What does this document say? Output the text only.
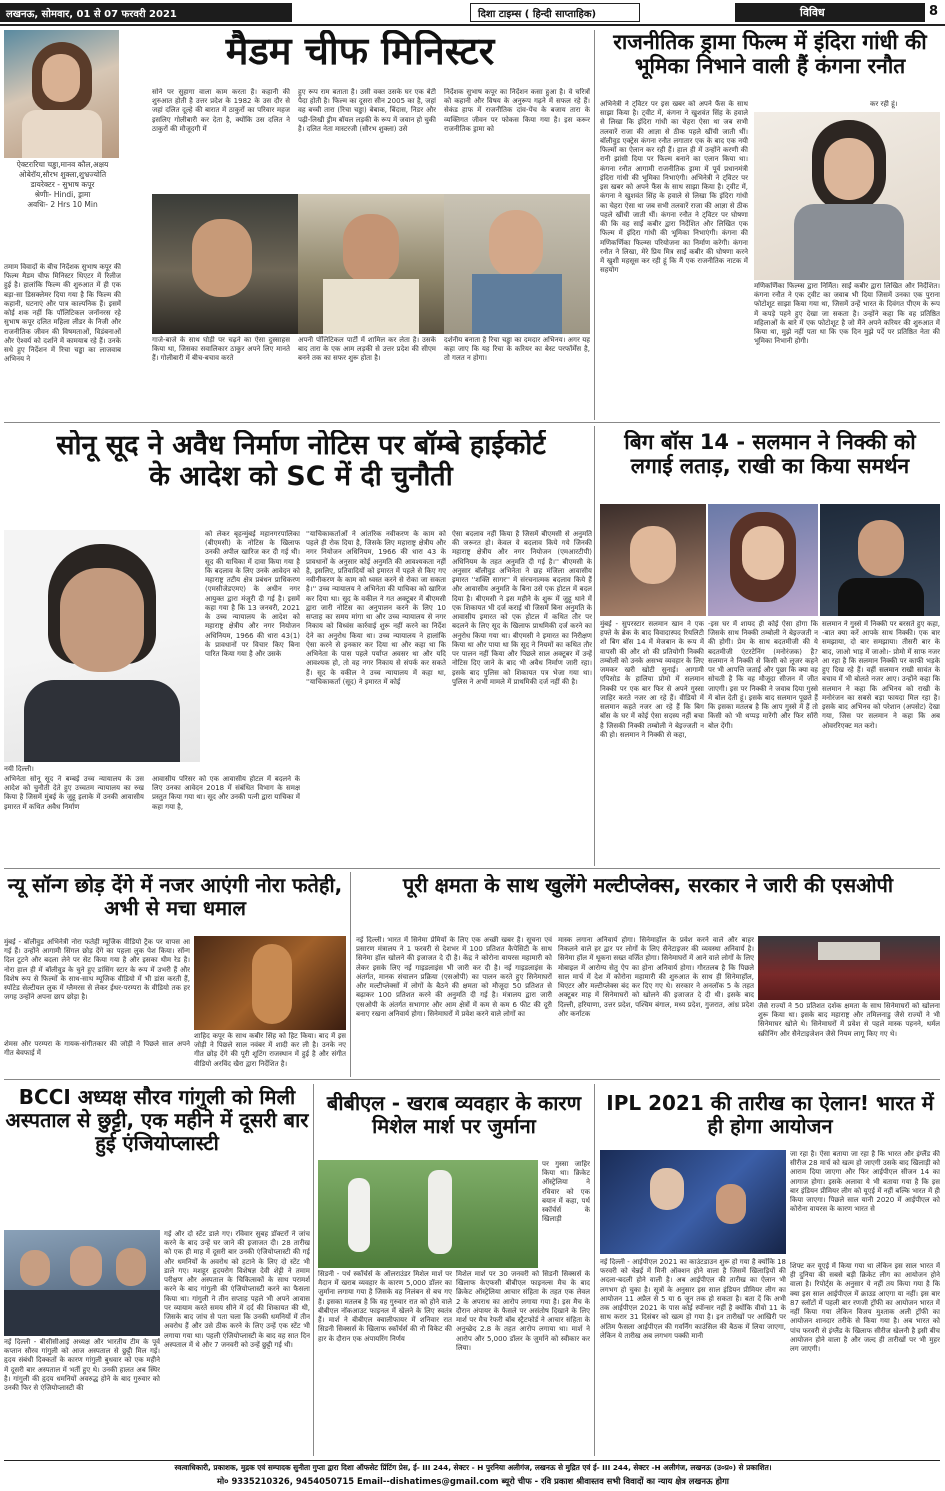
लखनऊ, सोमवार, 01 से 07 फरवरी 2021	दिशा टाइम्स ( हिन्दी साप्ताहिक)	विविध	8
ऐक्टरःरिचा चड्ढा,मानव कौल,अक्षय ओबेरॉय,सौरभ शुक्ला,शुभ्रज्योति
डायरेक्टर - सुभाष कपूर
श्रेणीः- Hindi, ड्रामा
अवधिः- 2 Hrs 10 Min
तमाम विवादों के बीच निर्देशक सुभाष कपूर की फिल्म मैडम चीफ मिनिस्टर थिएटर में रिलीज हुई है। हालांकि फिल्म की शुरुआत में ही एक बड़ा-सा डिसक्लेमर दिया गया है कि फिल्म की कहानी, घटनाएं और पात्र काल्पनिक हैं। इसमें कोई शक नहीं कि पॉलिटिकल जनॉनरस रहे सुभाष कपूर दलित महिला लीडर के निजी और राजनीतिक जीवन की विषमताओं, विडंबनाओं और ऐश्वर्य को दर्शाने में कामयाब रहे हैं। उनके सधे हुए निर्देशन में रिचा चड्ढा का लाजवाब अभिनय ने
मैडम चीफ मिनिस्टर
सोने पर सुहागा वाला काम करता है। कहानी की शुरुआत होती है उत्तर प्रदेश के 1982 के उस दौर से जहां दलित दूल्हे की बारात में ठाकुरों का परिवार महज इसलिए गोलीबारी कर देता है, क्योंकि उस दलित ने ठाकुरों की मौजूदगी में
हुए रूप राम बताता है। उसी वक्त उसके घर एक बेटी पैदा होती है। फिल्म का दूसरा सीन 2005 का है, जहां वह बच्ची तारा (रिचा चड्ढा) बेबाक, बिंदास, निडर और पढ़ी-लिखी ड्रीम बॉयल लड़की के रूप में जवान हो चुकी है। दलित नेता मास्टरजी (सौरभ शुक्ला) उसे
निर्देशक सुभाष कपूर का निर्देशन कसा हुआ है। वे चरित्रों को कहानी और विषय के अनुरूप गढ़ने में सफल रहे हैं। सेकंड हाफ में राजनीतिक दांव-पेंच के बजाय तारा के व्यक्तिगत जीवन पर फोकस किया गया है। इस करूर राजनीतिक ड्रामा को
गाजे-बाजे के साथ घोड़ी पर चढ़ने का ऐसा दुस्साहस किया था, जिसका सवालिकार ठाकुर अपने लिए मानते हैं। गोलीबारी में बीच-बचाव करते
अपनी पॉलिटिकल पार्टी में शामिल कर लेता है। उसके बाद तारा के एक आम लड़की से उत्तर प्रदेश की सीएम बनने तक का सफर शुरू होता है।
दर्शनीय बनाता है रिचा चड्ढा का दमदार अभिनय। अगर यह कहा जाए कि यह रिचा के करियर का बेस्ट परफॉर्मेंस है, तो गलत न होगा।
राजनीतिक ड्रामा फिल्म में इंदिरा गांधी की भूमिका निभाने वाली हैं कंगना रनौत
अभिनेत्री ने ट्विटर पर इस खबर को अपने फैंस के साथ साझा किया है। ट्वीट में, कंगना ने खुशवंत सिंह के हवाले से लिखा कि इंदिरा गांधी का चेहरा ऐसा था जब सभी तलवारें राजा की आज्ञा से ठीक पहले खींची जाती थीं। बॉलीवुड एक्ट्रेस कंगना रनौत लगातार एक के बाद एक नयी फिल्मों का ऐलान कर रही हैं। हाल ही में उन्होंने करणी की रानी झांसी दिया पर फिल्म बनाने का एलान किया था। कंगना रनौत आगामी राजनीतिक ड्रामा में पूर्व प्रधानमंत्री इंदिरा गांधी की भूमिका निभाएंगी। अभिनेत्री ने ट्विटर पर इस खबर को अपने फैंस के साथ साझा किया है। ट्वीट में, कंगना ने खुशवंत सिंह के हवाले से लिखा कि इंदिरा गांधी का चेहरा ऐसा था जब सभी तलवारें राजा की आज्ञा से ठीक पहले खींची जाती थीं। कंगना रनौत ने ट्विटर पर घोषणा की कि वह साईं कबीर द्वारा निर्देशित और लिखित एक फिल्म में इंदिरा गांधी की भूमिका निभाएंगी। कंगना की मणिकर्णिका फिल्म्स परियोजना का निर्माण करेगी। कंगना रनौत ने लिखा, मेरे प्रिय मित्र साईं कबीर की घोषणा करने में खुशी महसूस कर रही हूं कि मैं एक राजनीतिक नाटक में सहयोग
कर रही हूं।
मणिकर्णिका फिल्म्स द्वारा निर्मित। साईं कबीर द्वारा लिखित और निर्देशित। कंगना रनौत ने एक ट्वीट का जवाब भी दिया जिसमें उनका एक पुराना फोटोशूट साझा किया गया था, जिसमें उन्हें भारत के दिवंगत पीएम के रूप में कपड़े पहने हुए देखा जा सकता है। उन्होंने कहा कि वह प्रतिष्ठित महिलाओं के बारे में एक फोटोशूट है जो मैंने अपने करियर की शुरुआत में किया था, मुझे नहीं पता था कि एक दिन मुझे पर्दे पर प्रतिष्ठित नेता की भूमिका निभानी होगी।
सोनू सूद ने अवैध निर्माण नोटिस पर बॉम्बे हाईकोर्ट के आदेश को SC में दी चुनौती
को लेकर बृहन्मुंबई महानगरपालिका (बीएमसी) के नोटिस के खिलाफ उनकी अपील खारिज कर दी गई थी। सूद की याचिका में दावा किया गया है कि बदलाव के लिए उनके आवेदन को महाराष्ट्र तटीय क्षेत्र प्रबंधन प्राधिकरण (एमसीजेडएमए) के अधीन नगर आयुक्त द्वारा मंजूरी दी गई है। इसमें कहा गया है कि 13 जनवरी, 2021 के उच्च न्यायालय के आदेश को महाराष्ट्र क्षेत्रीय और नगर नियोजन अधिनियम, 1966 की धारा 43(1) के प्रावधानों पर विचार किए बिना पारित किया गया है और उसके
नयी दिल्ली।
अभिनेता सोनू सूद ने बम्बई उच्च न्यायालय के उस आदेश को चुनौती देते हुए उच्चतम न्यायालय का रुख किया है जिसमें मुंबई के जुहू इलाके में उनकी आवासीय इमारत में कथित अवैध निर्माण
आवासीय परिसर को एक आवासीय होटल में बदलने के लिए उनका आवेदन 2018 में संबंधित विभाग के समक्ष प्रस्तुत किया गया था। सूद और उनकी पत्नी द्वारा याचिका में कहा गया है,
''याचिकाकर्ताओं ने आंतरिक नवीकरण के काम को पहले ही रोक दिया है, जिसके लिए महाराष्ट्र क्षेत्रीय और नगर नियोजन अधिनियम, 1966 की धारा 43 के प्रावधानों के अनुसार कोई अनुमति की आवश्यकता नहीं है, इसलिए, प्रतिवादियों को इमारत में पहले से किए गए नवीनीकरण के काम को ध्वस्त करने से रोका जा सकता है।'' उच्च न्यायालय ने अभिनेता की याचिका को खारिज कर दिया था। सूद के वकील ने गत अक्टूबर में बीएमसी द्वारा जारी नोटिस का अनुपालन करने के लिए 10 सप्ताह का समय मांगा था और उच्च न्यायालय से नगर निकाय को विध्वंस कार्रवाई शुरू नहीं करने का निर्देश देने का अनुरोध किया था। उच्च न्यायालय ने हालांकि ऐसा करने से इनकार कर दिया था और कहा था कि अभिनेता के पास पहले पर्याप्त अवसर था और यदि आवश्यक हो, तो वह नगर निकाय से संपर्क कर सकते हैं। सूद के वकील ने उच्च न्यायालय में कहा था, ''याचिकाकर्ता (सूद) ने इमारत में कोई
ऐसा बदलाव नहीं किया है जिसमें बीएमसी से अनुमति की जरूरत हो। केवल वे बदलाव किये गये जिनकी महाराष्ट्र क्षेत्रीय और नगर नियोजन (एमआरटीपी) अधिनियम के तहत अनुमति दी गई है।'' बीएमसी के अनुसार बॉलीवुड अभिनेता ने छह मंजिला आवासीय इमारत ''शक्ति सागर'' में संरचनात्मक बदलाव किये हैं और आवासीय अनुमति के बिना उसे एक होटल में बदल दिया है। बीएमसी ने इस महीने के शुरू में जुहू थाने में एक शिकायत भी दर्ज कराई थी जिसमें बिना अनुमति के आवासीय इमारत को एक होटल में कथित तौर पर बदलने के लिए सूद के खिलाफ प्राथमिकी दर्ज करने का अनुरोध किया गया था। बीएमसी ने इमारत का निरीक्षण किया था और पाया था कि सूद ने नियमों का कथित तौर पर पालन नहीं किया और पिछले साल अक्टूबर में उन्हें नोटिस दिए जाने के बाद भी अवैध निर्माण जारी रहा। इसके बाद पुलिस को शिकायत पत्र भेजा गया था। पुलिस ने अभी मामले में प्राथमिकी दर्ज नहीं की है।
बिग बॉस 14 - सलमान ने निक्की को लगाई लताड़, राखी का किया समर्थन
मुंबई - सुपरस्टार सलमान खान ने एक हफ्ते के ब्रेक के बाद विवादास्पद रियलिटी शो बिग बॉस 14 में मेजबान के रूप में वापसी की और शो की प्रतियोगी निक्की तम्बोली को उनके असभ्य व्यवहार के लिए जमकर खरी खोटी सुनाई। आगामी एपिसोड के हालिया प्रोमो में सलमान निक्की पर एक बार फिर से अपने गुस्सा जाहिर करते नजर आ रहे हैं। वीडियो में सलमान कहते नजर आ रहे हैं कि बिग बॉस के घर में कोई ऐसा सदस्य नहीं बचा है जिसकी निक्की तम्बोली ने बेइज्जती न की हो। सलमान ने निक्की से कहा,
-इस घर में शायद ही कोई ऐसा होगा कि जिसके साथ निक्की तम्बोली ने बेइज्जती न की होगी। प्रेम के साथ बदतमीजी की ये बदतमीजी एंटरटेनिंग (मनोरंजक) है? सलमान ने निक्की से किसी को लूजर कहने पर भी आपत्ति जताई और पूछा कि क्या वह सोचती है कि वह मौजूदा सीजन में जीत जाएगी। इस पर निक्की ने जवाब दिया गुस्से में बोल देती हूं। इसके बाद सलमान पूछते हैं कि इसका मतलब है कि आप गुस्से में हैं तो किसी को भी थप्पड़ मारेंगी और फिर सॉरी बोल देंगी।
सलमान ने गुस्से में निक्की पर बरसते हुए कहा, -बात क्या करें आपके साथ निक्की। एक बार समझाया, दो बार समझाया। तीसरी बार के बाद, जाओ भाड़ में जाओ।- प्रोमो में साफ नजर आ रहा है कि सलमान निक्की पर काफी भड़के हुए दिख रहे हैं। वहीं सलमान राखी सावंत के बचाव में भी बोलते नजर आए। उन्होंने कहा कि सलमान ने कहा कि अभिनव को राखी के मनोरंजन का सबसे बड़ा फायदा मिल रहा है। इसके बाद अभिनव को परेशान (अपसेट) देखा गया, जिस पर सलमान ने कहा कि अब ओवररिएक्ट मत करो।
न्यू सॉन्ग छोड़ देंगे में नजर आएंगी नोरा फतेही, अभी से मचा धमाल
मुंबई - बॉलीवुड अभिनेत्री नोरा फतेही म्यूजिक वीडियो ट्रैक पर वापस आ गई हैं। उन्होंने आगामी सिंगल छोड़ देंगे का पहला लुक पेश किया। सॉन्ग दिल टूटने और बदला लेने पर सेट किया गया है और इसका थीम रेड है। नोरा हाल ही में बॉलीवुड के चुने हुए डांसिंग स्टार के रूप में उभरी हैं और विशेष रूप से फिल्मों के साथ-साथ म्यूजिक वीडियो में भी डांस करती हैं, स्पॉटेड सेल्टीयल लुक में ग्लैमरस से लेकर ईथर-परम्परा के वीडियो तक हर जगह उन्होंने अपना छाप छोड़ा है।
शेमस और परम्परा के गायक-संगीतकार की जोड़ी ने पिछले साल अपने गीत बेवफाई में
शाहिद कपूर के साथ कबीर सिंह को हिट किया। बाद में इस जोड़ी ने पिछले साल नवंबर में शादी कर ली है। उनके नए गीत छोड़ देंगे की पूरी शूटिंग राजस्थान में हुई है और संगीत वीडियो अरविंद खैरा द्वारा निर्देशित है।
पूरी क्षमता के साथ खुलेंगे मल्टीप्लेक्स, सरकार ने जारी की एसओपी
नई दिल्ली। भारत में सिनेमा प्रेमियों के लिए एक अच्छी खबर है। सूचना एवं प्रसारण मंत्रालय ने 1 फरवरी से देशभर में 100 प्रतिशत कैपेसिटी के साथ सिनेमा हॉल खोलने की इजाजत दे दी है। केंद्र ने कोरोना वायरस महामारी को लेकर इसके लिए नई गाइडलाइंस भी जारी कर दी है। नई गाइडलाइंस के अंतर्गत, मानक संचालन प्रक्रिया (एसओपी) का पालन करते हुए सिनेमाघरों और मल्टीप्लेक्सों में लोगों के बैठने की क्षमता को मौजूदा 50 प्रतिशत से बढ़ाकर 100 प्रतिशत करने की अनुमति दी गई है। मंत्रालय द्वारा जारी एसओपी के अंतर्गत सभागार और आम क्षेत्रों में कम से कम 6 फीट की दूरी बनाए रखना अनिवार्य होगा। सिनेमाघरों में प्रवेश करने वाले लोगों का
मास्क लगाना अनिवार्य होगा। सिनेमाहॉल के प्रवेश करने वाले और बाहर निकलने वाले हर द्वार पर लोगों के लिए सैनेटाइजर की व्यवस्था अनिवार्य है। सिनेमा हॉल में थूकना सख्त वर्जित होगा। सिनेमाघरों में आने वाले लोगों के लिए मोबाइल में आरोग्य सेतु ऐप का होना अनिवार्य होगा। गौरतलब है कि पिछले साल मार्च में देश में कोरोना महामारी की शुरुआत के साथ ही सिनेमाहॉल, थिएटर और मल्टीप्लेक्स बंद कर दिए गए थे। सरकार ने अनलॉक 5 के तहत अक्टूबर माह में सिनेमाघरों को खोलने की इजाजत दे दी थी। इसके बाद दिल्ली, हरियाणा, उत्तर प्रदेश, पश्चिम बंगाल, मध्य प्रदेश, गुजरात, आंध्र प्रदेश और कर्नाटक
जैसे राज्यों ने 50 प्रतिशत दर्शक क्षमता के साथ सिनेमाघरों को खोलना शुरू किया था। इसके बाद महाराष्ट्र और तमिलनाडु जैसे राज्यों ने भी सिनेमाघर खोले थे। सिनेमाघरों में प्रवेश से पहले मास्क पहनने, थर्मल स्क्रीनिंग और सैनेटाइजेशन जैसे नियम लागू किए गए थे।
BCCI अध्यक्ष सौरव गांगुली को मिली अस्पताल से छुट्टी, एक महीने में दूसरी बार हुई एंजियोप्लास्टी
नई दिल्ली - बीसीसीआई अध्यक्ष और भारतीय टीम के पूर्व कप्तान सौरव गांगुली को आज अस्पताल से छुट्टी मिल गई। हृदय संबंधी दिक्कतों के कारण गांगुली बुधवार को एक महीने में दूसरी बार अस्पताल में भर्ती हुए थे। उनकी हालत अब स्थिर है। गांगुली की हृदय धमनियों अवरुद्ध होने के बाद गुरुवार को उनकी फिर से एंजियोप्लास्टी की
गई और दो स्टेंट डाले गए। रविवार सुबह डॉक्टरों ने जांच करने के बाद उन्हें घर जाने की इजाजत दी। 28 तारीख को एक ही माह में दूसरी बार उनकी एंजियोप्लास्टी की गई और धमनियों के अवरोध को हटाने के लिए दो स्टेंट भी डाले गए। मशहूर हृदयरोग विशेषज्ञ देवी शेट्टी ने तमाम परीक्षण और अस्पताल के चिकित्सकों के साथ परामर्श करने के बाद गांगुली की एंजियोप्लास्टी करने का फैसला किया था। गांगुली ने तीन सप्ताह पहले भी अपने आवास पर व्यायाम करते समय सीने में दर्द की शिकायत की थी, जिसके बाद जांच से पता चला कि उनकी धमनियों में तीन अवरोध हैं और उसे ठीक करने के लिए उन्हें एक स्टेंट भी लगाया गया था। पहली एंजियोप्लास्टी के बाद वह सात दिन अस्पताल में थे और 7 जनवरी को उन्हें छुट्टी गई थी।
बीबीएल - खराब व्यवहार के कारण मिशेल मार्श पर जुर्माना
पर गुस्सा जाहिर किया था। क्रिकेट ऑस्ट्रेलिया ने रविवार को एक बयान में कहा, पर्थ स्कॉर्चर्स के खिलाड़ी
सिडनी - पर्थ स्कॉर्चर्स के ऑलराउंडर मिशेल मार्श पर मैदान में खराब व्यवहार के कारण 5,000 डॉलर का जुर्माना लगाया गया है जिसके वह निलंबन से बच गए हैं। इसका मतलब है कि वह गुरुवार रात को होने वाले बीबीएल नॉकआउट फाइनल में खेलने के लिए स्वतंत्र हैं। मार्श ने बीबीएल क्वालीफायर में शनिवार रात सिडनी सिक्सर्स के खिलाफ स्कॉर्चर्स की नौ विकेट की हार के दौरान एक अंपायरिंग निर्णय
मिशेल मार्श पर 30 जनवरी को सिडनी सिक्सर्स के खिलाफ केएफसी बीबीएल फाइनल्स मैच के बाद क्रिकेट ऑस्ट्रेलिया आचार संहिता के तहत एक लेवल 2 के अपराध का आरोप लगाया गया है। इस मैच के दौरान अंपायर के फैसले पर असंतोष दिखाने के लिए मार्श पर मैच रेफरी बॉब स्ट्रैटफोर्ड ने आचार संहिता के अनुच्छेद 2.8 के तहत आरोप लगाया था। मार्श ने आरोप और 5,000 डॉलर के जुर्माने को स्वीकार कर लिया।
IPL 2021 की तारीख का ऐलान! भारत में ही होगा आयोजन
जा रहा है। ऐसा बताया जा रहा है कि भारत और इंग्लैंड की सीरीज 28 मार्च को खत्म हो जाएगी उसके बाद खिलाड़ी को आराम दिया जाएगा और फिर आईपीएल सीजन 14 का आगाज होगा। इसके अलावा ये भी बताया गया है कि इस बार इंडियन प्रीमियर लीग को यूएई में नहीं बल्कि भारत में ही किया जाएगा। पिछले साल यानी 2020 में आईपीएल को कोरोना वायरस के कारण भारत से
नई दिल्ली - आईपीएल 2021 का काउंटडाउन शुरू हो गया है क्योंकि 18 फरवरी को चेन्नई में मिनी ऑक्शन होने वाला है जिसमें खिलाड़ियों की अदला-बदली होने वाली है। अब आईपीएल की तारीख का ऐलान भी लगभग हो चुका है। सूत्रों के अनुसार इस साल इंडियन प्रीमियर लीग का आयोजन 11 अप्रैल से 5 या 6 जून तक हो सकता है। बता दें कि अभी तक आईपीएल 2021 के पास कोई स्पॉन्सर नहीं है क्योंकि वीवो 11 के साथ करार 31 दिसंबर को खत्म हो गया है। इन तारीखों पर आखिरी पर अंतिम फैसला आईपीएल की गवर्निंग काउंसिल की बैठक में लिया जाएगा, लेकिन ये तारीख अब लगभग पक्की मानी
शिफ्ट कर यूएई में किया गया था लेकिन इस साल भारत में ही दुनिया की सबसे बड़ी क्रिकेट लीग का आयोजन होने वाला है। रिपोर्ट्स के अनुसार ये नहीं तय किया गया है कि क्या इस साल आईपीएल में क्राउड आएगा या नहीं। इस बार 87 स्लॉटों में पहली बार रणजी ट्रॉफी का आयोजन भारत में नहीं किया गया लेकिन विजय मुश्ताक अली ट्रॉफी का आयोजन शानदार तरीके से किया गया है। अब भारत को पांच फरवरी से इंग्लैंड के खिलाफ सीरीज खेलनी है इसी बीच आयोजन होने वाला है और जल्द ही तारीखों पर भी मुहर लग जाएगी।
स्वत्वाधिकारी, प्रकाशक, मुद्रक एवं सम्पादक सुनीता गुप्ता द्वारा दिशा ऑफसेट प्रिंटिंग प्रेस, ई- III 244, सेक्टर - H पुरनिया अलीगंज, लखनऊ से मुद्रित एवं ई- III 244, सेक्टर -H अलीगंज, लखनऊ (उ०प्र०) से प्रकाशित।
मो० 9335210326, 9454050715 Email--dishatimes@gmail.com ब्यूरो चीफ - रवि प्रकाश श्रीवास्तव सभी विवादों का न्याय क्षेत्र लखनऊ होगा
